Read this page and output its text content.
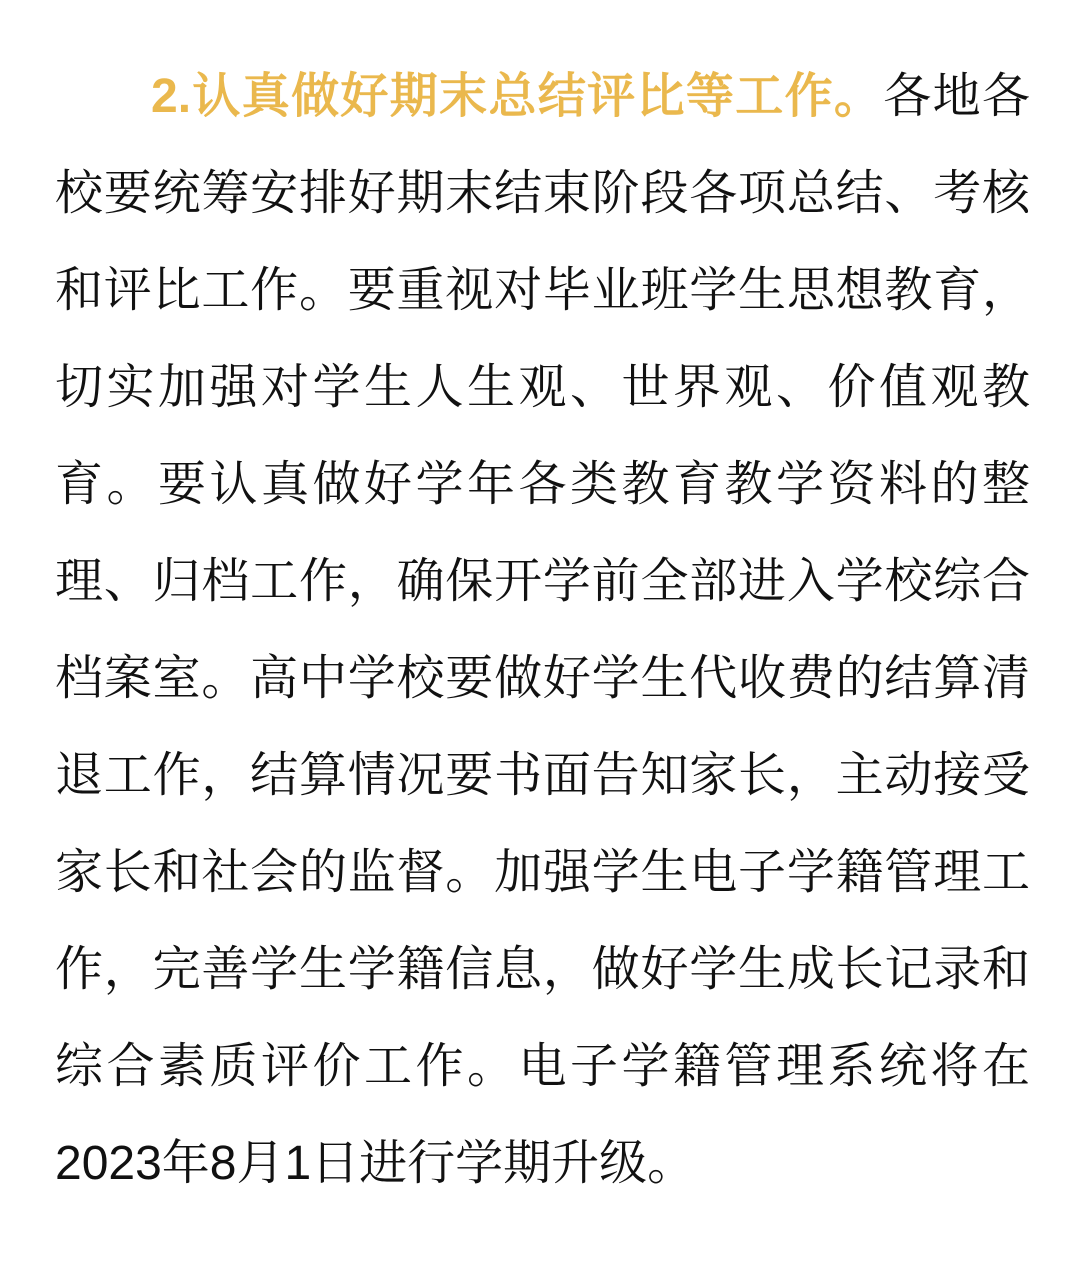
2.认真做好期末总结评比等工作。各地各
校要统筹安排好期末结束阶段各项总结、考核
和评比工作。要重视对毕业班学生思想教育，
切实加强对学生人生观、世界观、价值观教
育。要认真做好学年各类教育教学资料的整
理、归档工作，确保开学前全部进入学校综合
档案室。高中学校要做好学生代收费的结算清
退工作，结算情况要书面告知家长，主动接受
家长和社会的监督。加强学生电子学籍管理工
作，完善学生学籍信息，做好学生成长记录和
综合素质评价工作。电子学籍管理系统将在
2023年8月1日进行学期升级。
